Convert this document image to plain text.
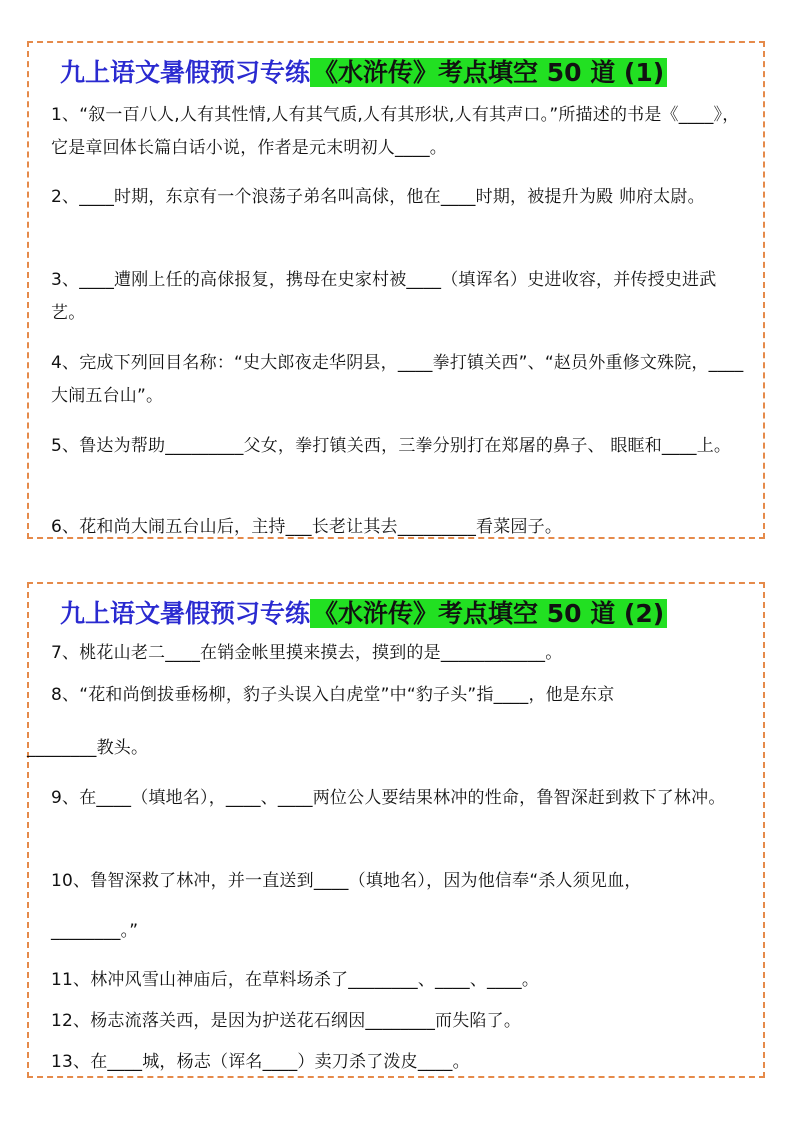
九上语文暑假预习专练 《水浒传》考点填空 50 道 (1)
1、“叙一百八人,人有其性情,人有其气质,人有其形状,人有其声口。”所描述的书是《____》，它是章回体长篇白话小说，作者是元末明初人____。
2、____时期，东京有一个浪荡子弟名叫高俅，他在____时期，被提升为殿 帅府太尉。
3、____遭刚上任的高俅报复，携母在史家村被____（填诨名）史进收容，并传授史进武艺。
4、完成下列回目名称：“史大郎夜走华阴县，____拳打镇关西”、“赵员外重修文殊院，____大闹五台山”。
5、鲁达为帮助_________父女，拳打镇关西，三拳分别打在郑屠的鼻子、 眼眶和____上。
6、花和尚大闹五台山后，主持___长老让其去_________看菜园子。
九上语文暑假预习专练 《水浒传》考点填空 50 道 (2)
7、桃花山老二____在销金帐里摸来摸去，摸到的是____________。
8、“花和尚倒拔垂杨柳，豹子头误入白虎堂”中“豹子头”指____，他是东京
________教头。
9、在____（填地名），____、____两位公人要结果林冲的性命，鲁智深赶到救下了林冲。
10、鲁智深救了林冲，并一直送到____（填地名），因为他信奉“杀人须见血，
________。”
11、林冲风雪山神庙后，在草料场杀了________、____、____。
12、杨志流落关西，是因为护送花石纲因________而失陷了。
13、在____城，杨志（诨名____）卖刀杀了泼皮____。
